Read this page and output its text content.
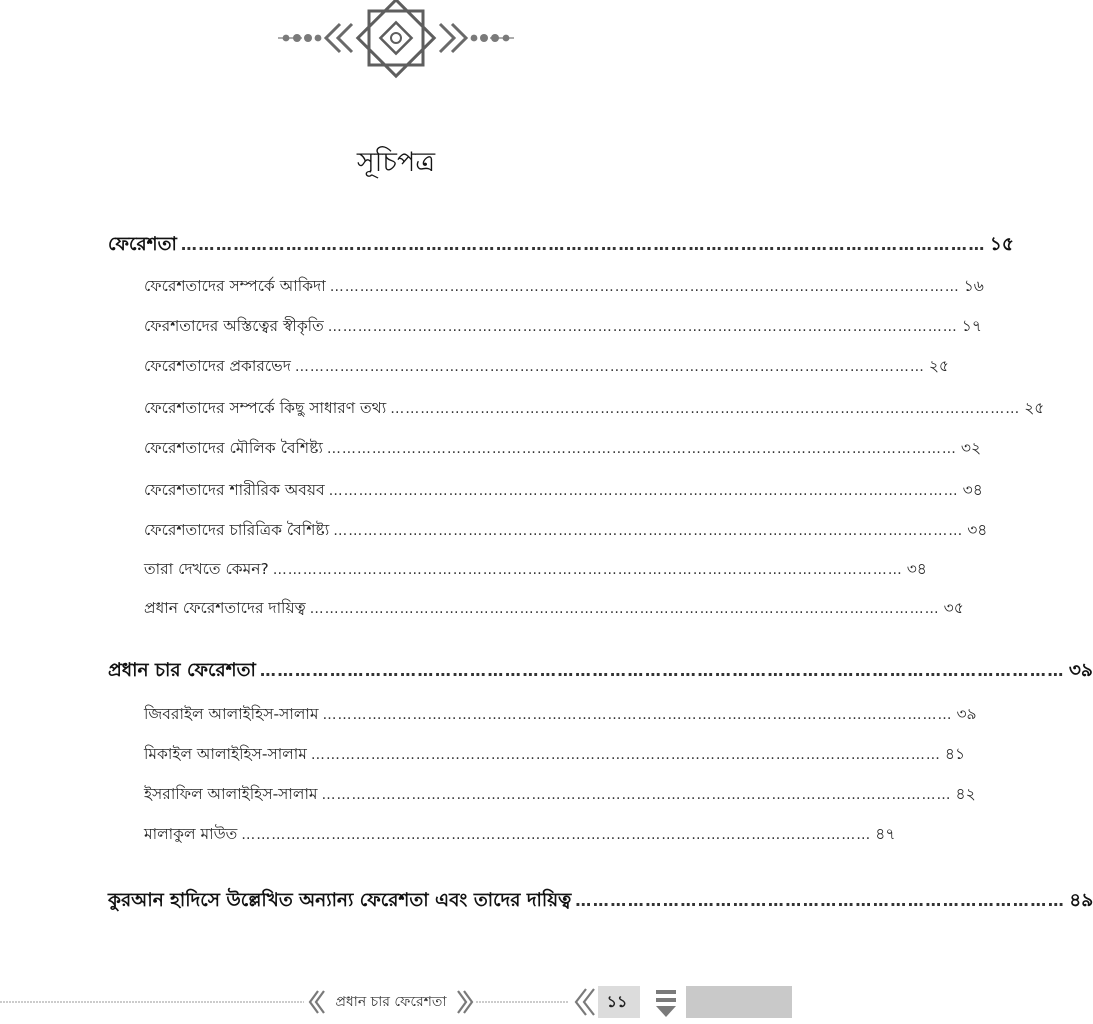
সূচিপত্র
ফেরেশতা ………………………………………………………………………………………………………………………… ১৫
ফেরেশতাদের সম্পর্কে আকিদা ……………………………………………………………………………………………………………… ১৬
ফেরশতাদের অস্তিত্বের স্বীকৃতি ……………………………………………………………………………………………………………… ১৭
ফেরেশতাদের প্রকারভেদ ……………………………………………………………………………………………………………… ২৫
ফেরেশতাদের সম্পর্কে কিছু সাধারণ তথ্য ……………………………………………………………………………………………………………… ২৫
ফেরেশতাদের মৌলিক বৈশিষ্ট্য ……………………………………………………………………………………………………………… ৩২
ফেরেশতাদের শারীরিক অবয়ব ……………………………………………………………………………………………………………… ৩৪
ফেরেশতাদের চারিত্রিক বৈশিষ্ট্য ……………………………………………………………………………………………………………… ৩৪
তারা দেখতে কেমন? ……………………………………………………………………………………………………………… ৩৪
প্রধান ফেরেশতাদের দায়িত্ব ……………………………………………………………………………………………………………… ৩৫
প্রধান চার ফেরেশতা ………………………………………………………………………………………………………………………… ৩৯
জিবরাইল আলাইহিস-সালাম ……………………………………………………………………………………………………………… ৩৯
মিকাইল আলাইহিস-সালাম ……………………………………………………………………………………………………………… ৪১
ইসরাফিল আলাইহিস-সালাম ……………………………………………………………………………………………………………… ৪২
মালাকুল মাউত ……………………………………………………………………………………………………………… ৪৭
কুরআন হাদিসে উল্লেখিত অন্যান্য ফেরেশতা এবং তাদের দায়িত্ব ………………………………………………………………………… ৪৯
প্রধান চার ফেরেশতা	১১
